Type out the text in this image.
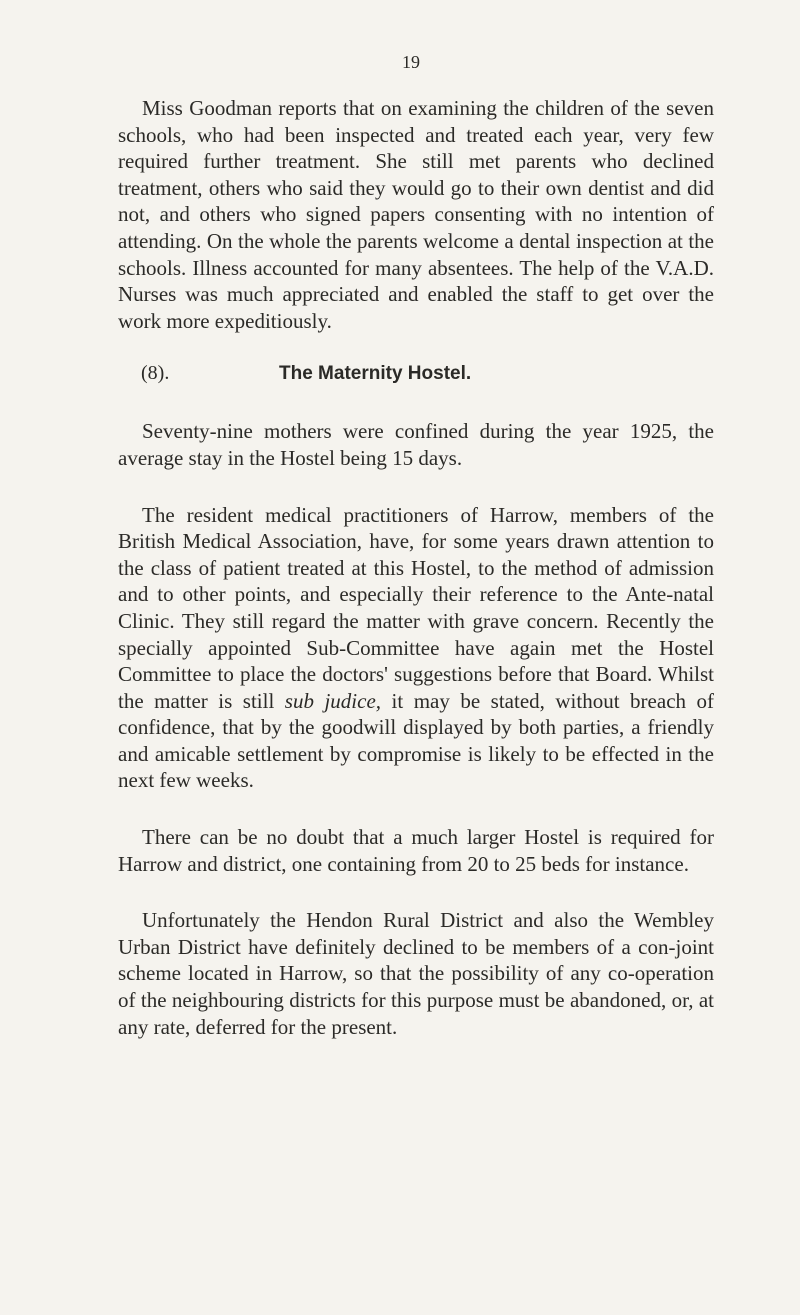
19

Miss Goodman reports that on examining the children of the seven schools, who had been inspected and treated each year, very few required further treatment. She still met parents who declined treatment, others who said they would go to their own dentist and did not, and others who signed papers consenting with no intention of attending. On the whole the parents welcome a dental inspection at the schools. Illness accounted for many absentees. The help of the V.A.D. Nurses was much appreciated and enabled the staff to get over the work more expeditiously.

(8).	The Maternity Hostel.

Seventy-nine mothers were confined during the year 1925, the average stay in the Hostel being 15 days.

The resident medical practitioners of Harrow, members of the British Medical Association, have, for some years drawn attention to the class of patient treated at this Hostel, to the method of admission and to other points, and especially their reference to the Ante-natal Clinic. They still regard the matter with grave concern. Recently the specially appointed Sub-Committee have again met the Hostel Committee to place the doctors' suggestions before that Board. Whilst the matter is still sub judice, it may be stated, without breach of confidence, that by the goodwill displayed by both parties, a friendly and amicable settlement by compromise is likely to be effected in the next few weeks.

There can be no doubt that a much larger Hostel is required for Harrow and district, one containing from 20 to 25 beds for instance.

Unfortunately the Hendon Rural District and also the Wembley Urban District have definitely declined to be members of a con-joint scheme located in Harrow, so that the possibility of any co-operation of the neighbouring districts for this purpose must be abandoned, or, at any rate, deferred for the present.
